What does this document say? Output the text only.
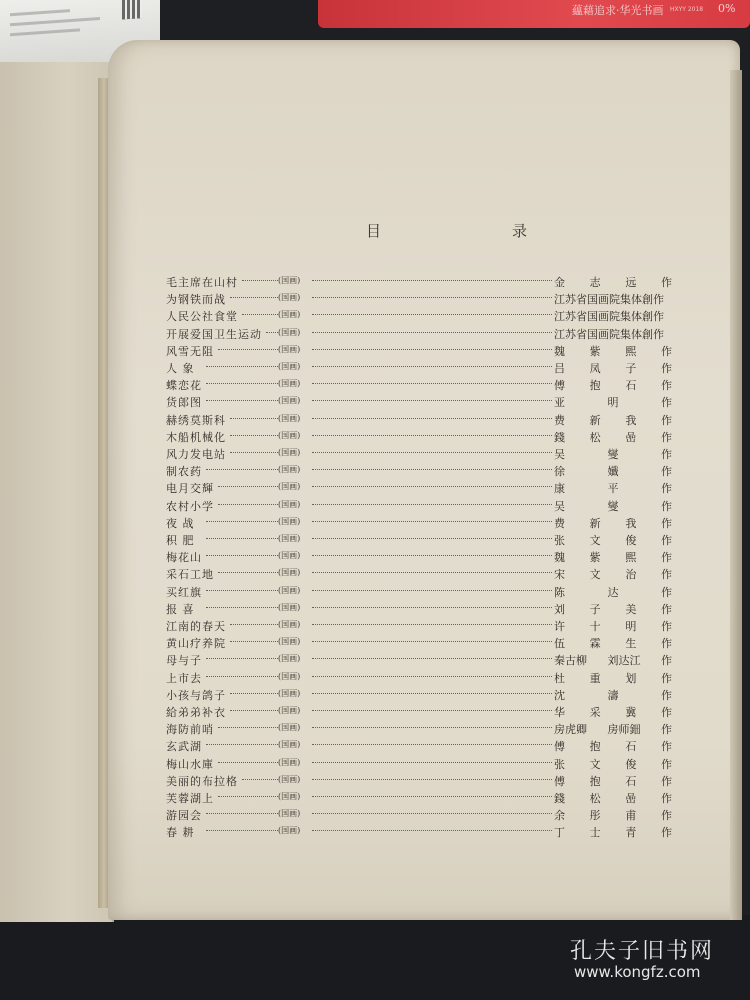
HXYY 2018
蘊藉追求·华光书画	0%
目　录
毛主席在山村	(国画)	金 志 远 作
为钢铁而战	(国画)	江苏省国画院集体創作
人民公社食堂	(国画)	江苏省国画院集体創作
开展爱国卫生运动 (国画)	江苏省国画院集体創作
风雪无阻	(国画)	魏 紫 熙 作
人 象	(国画)	吕 凤 子 作
蝶恋花	(国画)	傅 抱 石 作
货郎图	(国画)	亚	明	作
赫绣莫斯科	(国画)	费 新 我 作
木船机械化	(国画)	錢 松 喦 作
风力发电站	(国画)	吴	燮	作
制农药	(国画)	徐	孅	作
电月交輝	(国画)	康	平	作
农村小学	(国画)	吴	燮	作
夜 战	(国画)	费 新 我 作
积 肥	(国画)	张 文 俊 作
梅花山	(国画)	魏 紫 熙 作
采石工地	(国画)	宋 文 治 作
买红旗	(国画)	陈	达	作
报 喜	(国画)	刘 子 美 作
江南的春天	(国画)	许 十 明 作
黄山疗养院	(国画)	伍 霖 生 作
母与子	(国画)	秦古柳 刘达江 作
上市去	(国画)	杜 重 划 作
小孩与鸽子	(国画)	沈	濤	作
給弟弟补衣	(国画)	华 采 冀 作
海防前哨	(国画)	房虎卿 房师鈿 作
玄武湖	(国画)	傅 抱 石 作
梅山水庫	(国画)	张 文 俊 作
美丽的布拉格	(国画)	傅 抱 石 作
芙蓉湖上	(国画)	錢 松 喦 作
游园会	(国画)	余 彤 甫 作
春 耕	(国画)	丁 士 青 作
孔夫子旧书网
www.kongfz.com
